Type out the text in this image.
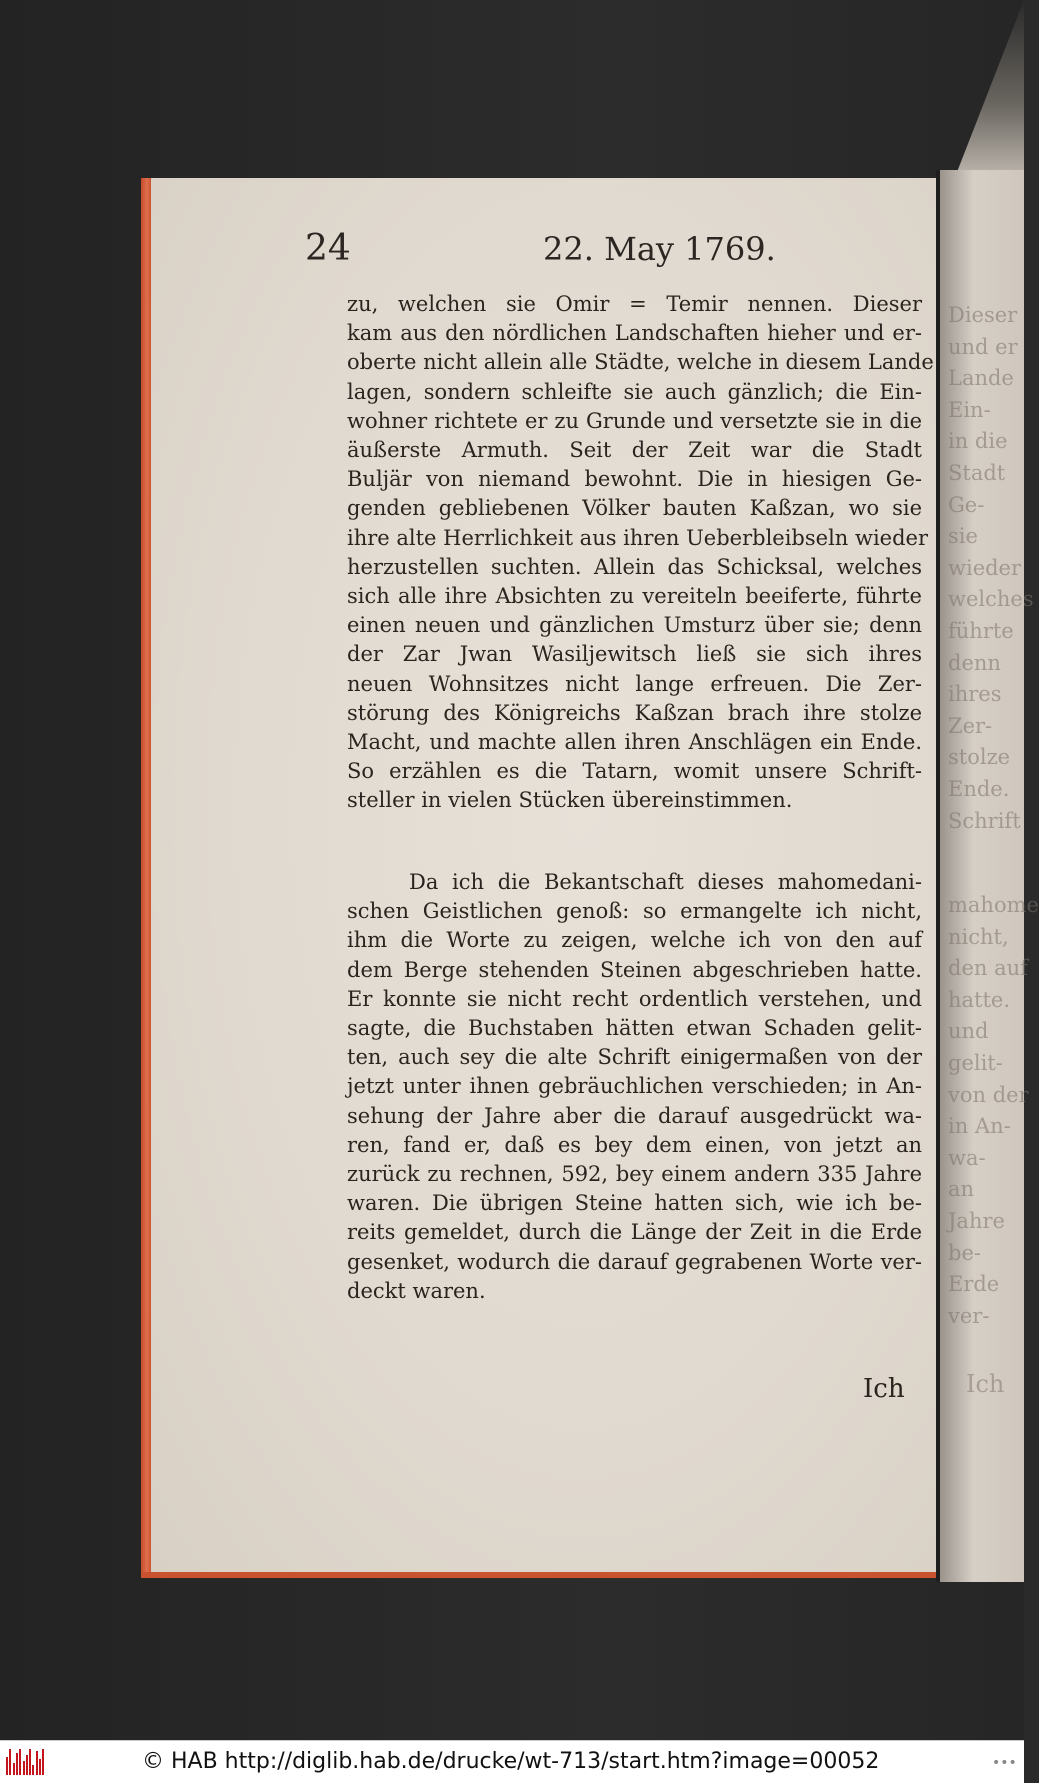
Dieser
und er
Lande
Ein-
in die
Stadt
Ge-
sie
wieder
welches
führte
denn
ihres
Zer-
stolze
Ende.
Schrift
mahome
nicht,
den auf
hatte.
und
gelit-
von der
in An-
wa-
an
Jahre
be-
Erde
ver-
Ich
24	22. May 1769.
zu, welchen sie Omir = Temir nennen. Dieser
kam aus den nördlichen Landschaften hieher und er-
oberte nicht allein alle Städte, welche in diesem Lande
lagen, sondern schleifte sie auch gänzlich; die Ein-
wohner richtete er zu Grunde und versetzte sie in die
äußerste Armuth. Seit der Zeit war die Stadt
Buljär von niemand bewohnt. Die in hiesigen Ge-
genden gebliebenen Völker bauten Kaßzan, wo sie
ihre alte Herrlichkeit aus ihren Ueberbleibseln wieder
herzustellen suchten. Allein das Schicksal, welches
sich alle ihre Absichten zu vereiteln beeiferte, führte
einen neuen und gänzlichen Umsturz über sie; denn
der Zar Jwan Wasiljewitsch ließ sie sich ihres
neuen Wohnsitzes nicht lange erfreuen. Die Zer-
störung des Königreichs Kaßzan brach ihre stolze
Macht, und machte allen ihren Anschlägen ein Ende.
So erzählen es die Tatarn, womit unsere Schrift-
steller in vielen Stücken übereinstimmen.
Da ich die Bekantschaft dieses mahomedani-
schen Geistlichen genoß: so ermangelte ich nicht,
ihm die Worte zu zeigen, welche ich von den auf
dem Berge stehenden Steinen abgeschrieben hatte.
Er konnte sie nicht recht ordentlich verstehen, und
sagte, die Buchstaben hätten etwan Schaden gelit-
ten, auch sey die alte Schrift einigermaßen von der
jetzt unter ihnen gebräuchlichen verschieden; in An-
sehung der Jahre aber die darauf ausgedrückt wa-
ren, fand er, daß es bey dem einen, von jetzt an
zurück zu rechnen, 592, bey einem andern 335 Jahre
waren. Die übrigen Steine hatten sich, wie ich be-
reits gemeldet, durch die Länge der Zeit in die Erde
gesenket, wodurch die darauf gegrabenen Worte ver-
deckt waren.
Ich
© HAB http://diglib.hab.de/drucke/wt-713/start.htm?image=00052	•••
